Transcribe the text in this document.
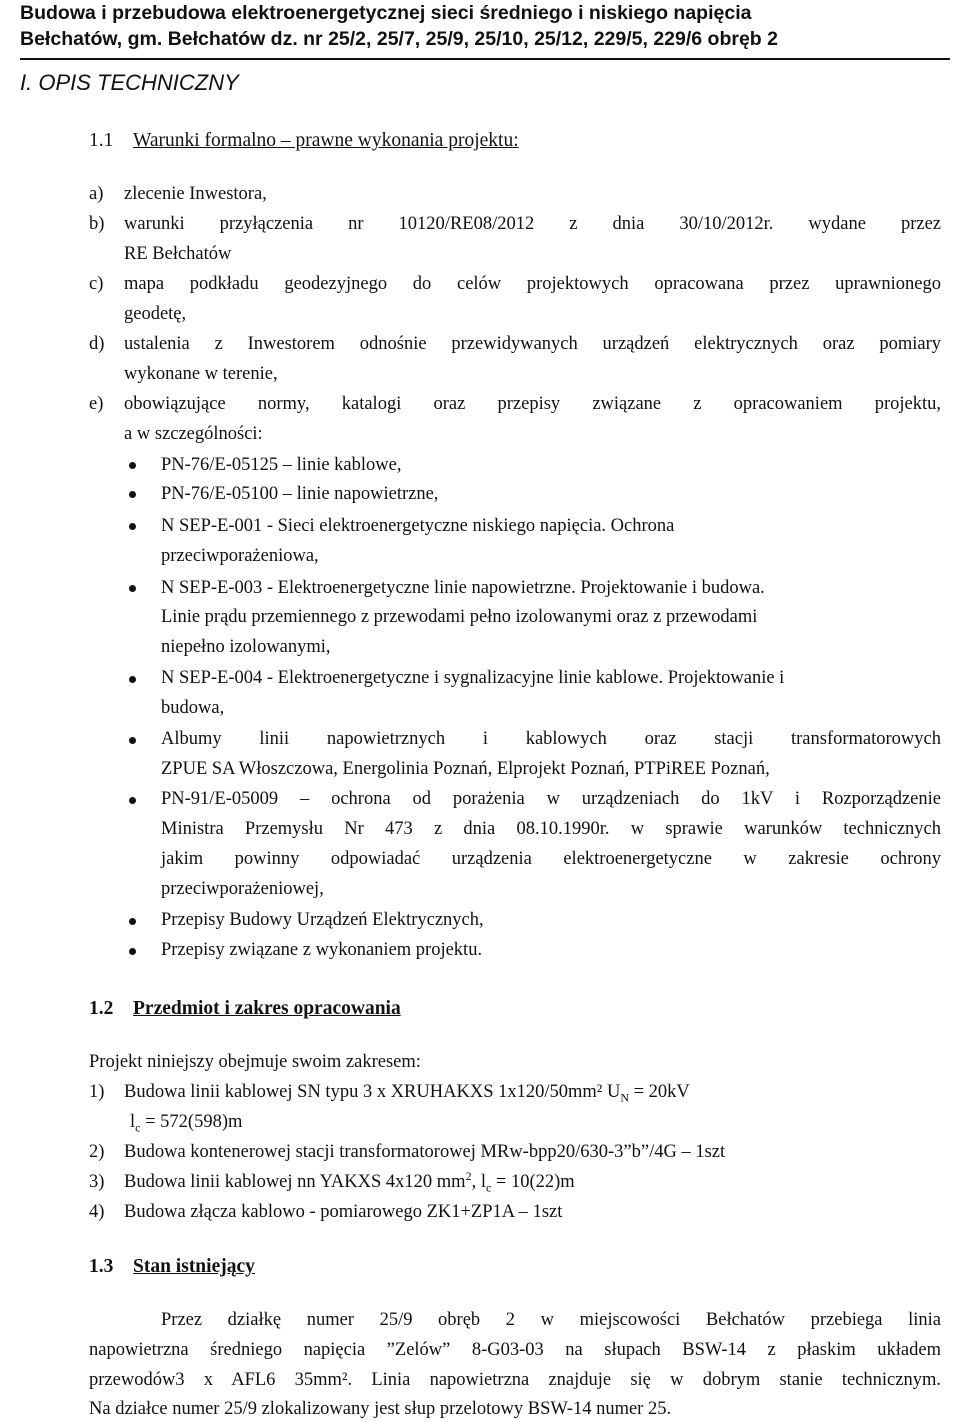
Budowa i przebudowa elektroenergetycznej sieci średniego i niskiego napięcia
Bełchatów, gm. Bełchatów dz. nr 25/2, 25/7, 25/9, 25/10, 25/12, 229/5, 229/6 obręb 2
I. OPIS TECHNICZNY
1.1 Warunki formalno – prawne wykonania projektu:
a) zlecenie Inwestora,
b) warunki przyłączenia nr 10120/RE08/2012 z dnia 30/10/2012r. wydane przez
RE Bełchatów
c) mapa podkładu geodezyjnego do celów projektowych opracowana przez uprawnionego
geodetę,
d) ustalenia z Inwestorem odnośnie przewidywanych urządzeń elektrycznych oraz pomiary
wykonane w terenie,
e) obowiązujące normy, katalogi oraz przepisy związane z opracowaniem projektu,
a w szczególności:
PN-76/E-05125 – linie kablowe,
PN-76/E-05100 – linie napowietrzne,
N SEP-E-001 - Sieci elektroenergetyczne niskiego napięcia. Ochrona
przeciwporażeniowa,
N SEP-E-003 - Elektroenergetyczne linie napowietrzne. Projektowanie i budowa.
Linie prądu przemiennego z przewodami pełno izolowanymi oraz z przewodami
niepełno izolowanymi,
N SEP-E-004 - Elektroenergetyczne i sygnalizacyjne linie kablowe. Projektowanie i
budowa,
Albumy linii napowietrznych i kablowych oraz stacji transformatorowych
ZPUE SA Włoszczowa, Energolinia Poznań, Elprojekt Poznań, PTPiREE Poznań,
PN-91/E-05009 – ochrona od porażenia w urządzeniach do 1kV i Rozporządzenie
Ministra Przemysłu Nr 473 z dnia 08.10.1990r. w sprawie warunków technicznych
jakim powinny odpowiadać urządzenia elektroenergetyczne w zakresie ochrony
przeciwporażeniowej,
Przepisy Budowy Urządzeń Elektrycznych,
Przepisy związane z wykonaniem projektu.
1.2 Przedmiot i zakres opracowania
Projekt niniejszy obejmuje swoim zakresem:
1) Budowa linii kablowej SN typu 3 x XRUHAKXS 1x120/50mm² $U_N = 20kV$
$l_c = 572(598)m$
2) Budowa kontenerowej stacji transformatorowej MRw-bpp20/630-3”b”/4G – 1szt
3) Budowa linii kablowej nn YAKXS 4x120 $mm^2$, $l_c = 10(22)m$
4) Budowa złącza kablowo - pomiarowego ZK1+ZP1A – 1szt
1.3 Stan istniejący
Przez działkę numer 25/9 obręb 2 w miejscowości Bełchatów przebiega linia
napowietrzna średniego napięcia ”Zelów” 8-G03-03 na słupach BSW-14 z płaskim układem
przewodów3 x AFL6 35mm². Linia napowietrzna znajduje się w dobrym stanie technicznym.
Na działce numer 25/9 zlokalizowany jest słup przelotowy BSW-14 numer 25.
